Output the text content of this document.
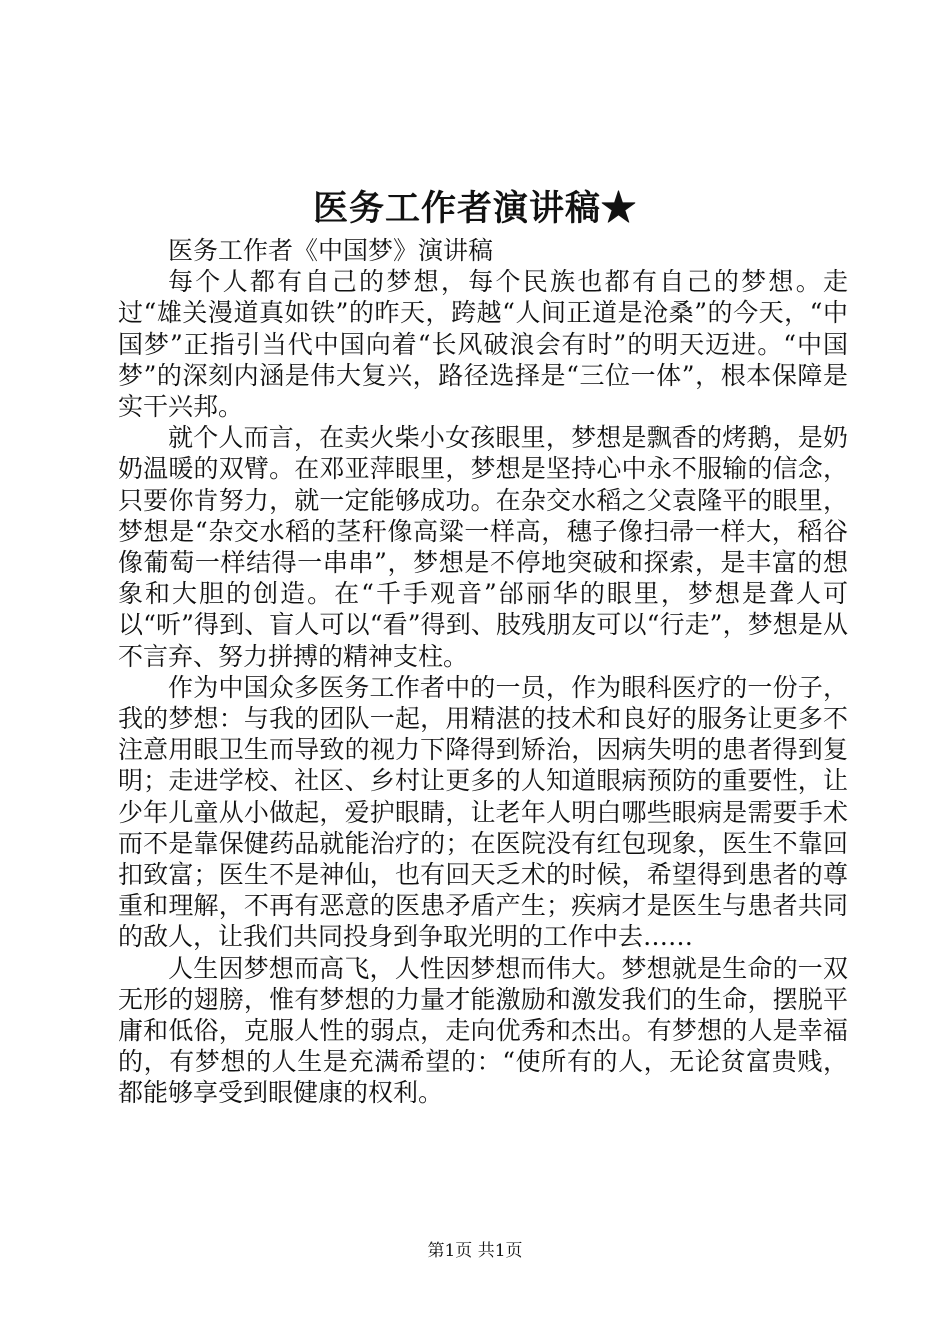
医务工作者演讲稿★

医务工作者《中国梦》演讲稿

每个人都有自己的梦想，每个民族也都有自己的梦想。走过“雄关漫道真如铁”的昨天，跨越“人间正道是沧桑”的今天，“中国梦”正指引当代中国向着“长风破浪会有时”的明天迈进。“中国梦”的深刻内涵是伟大复兴，路径选择是“三位一体”，根本保障是实干兴邦。

就个人而言，在卖火柴小女孩眼里，梦想是飘香的烤鹅，是奶奶温暖的双臂。在邓亚萍眼里，梦想是坚持心中永不服输的信念，只要你肯努力，就一定能够成功。在杂交水稻之父袁隆平的眼里，梦想是“杂交水稻的茎秆像高粱一样高，穗子像扫帚一样大，稻谷像葡萄一样结得一串串”，梦想是不停地突破和探索，是丰富的想象和大胆的创造。在“千手观音”邰丽华的眼里，梦想是聋人可以“听”得到、盲人可以“看”得到、肢残朋友可以“行走”，梦想是从不言弃、努力拼搏的精神支柱。

作为中国众多医务工作者中的一员，作为眼科医疗的一份子，我的梦想：与我的团队一起，用精湛的技术和良好的服务让更多不注意用眼卫生而导致的视力下降得到矫治，因病失明的患者得到复明；走进学校、社区、乡村让更多的人知道眼病预防的重要性，让少年儿童从小做起，爱护眼睛，让老年人明白哪些眼病是需要手术而不是靠保健药品就能治疗的；在医院没有红包现象，医生不靠回扣致富；医生不是神仙，也有回天乏术的时候，希望得到患者的尊重和理解，不再有恶意的医患矛盾产生；疾病才是医生与患者共同的敌人，让我们共同投身到争取光明的工作中去……

人生因梦想而高飞，人性因梦想而伟大。梦想就是生命的一双无形的翅膀，惟有梦想的力量才能激励和激发我们的生命，摆脱平庸和低俗，克服人性的弱点，走向优秀和杰出。有梦想的人是幸福的，有梦想的人生是充满希望的：“使所有的人，无论贫富贵贱，都能够享受到眼健康的权利。

第1页 共1页
